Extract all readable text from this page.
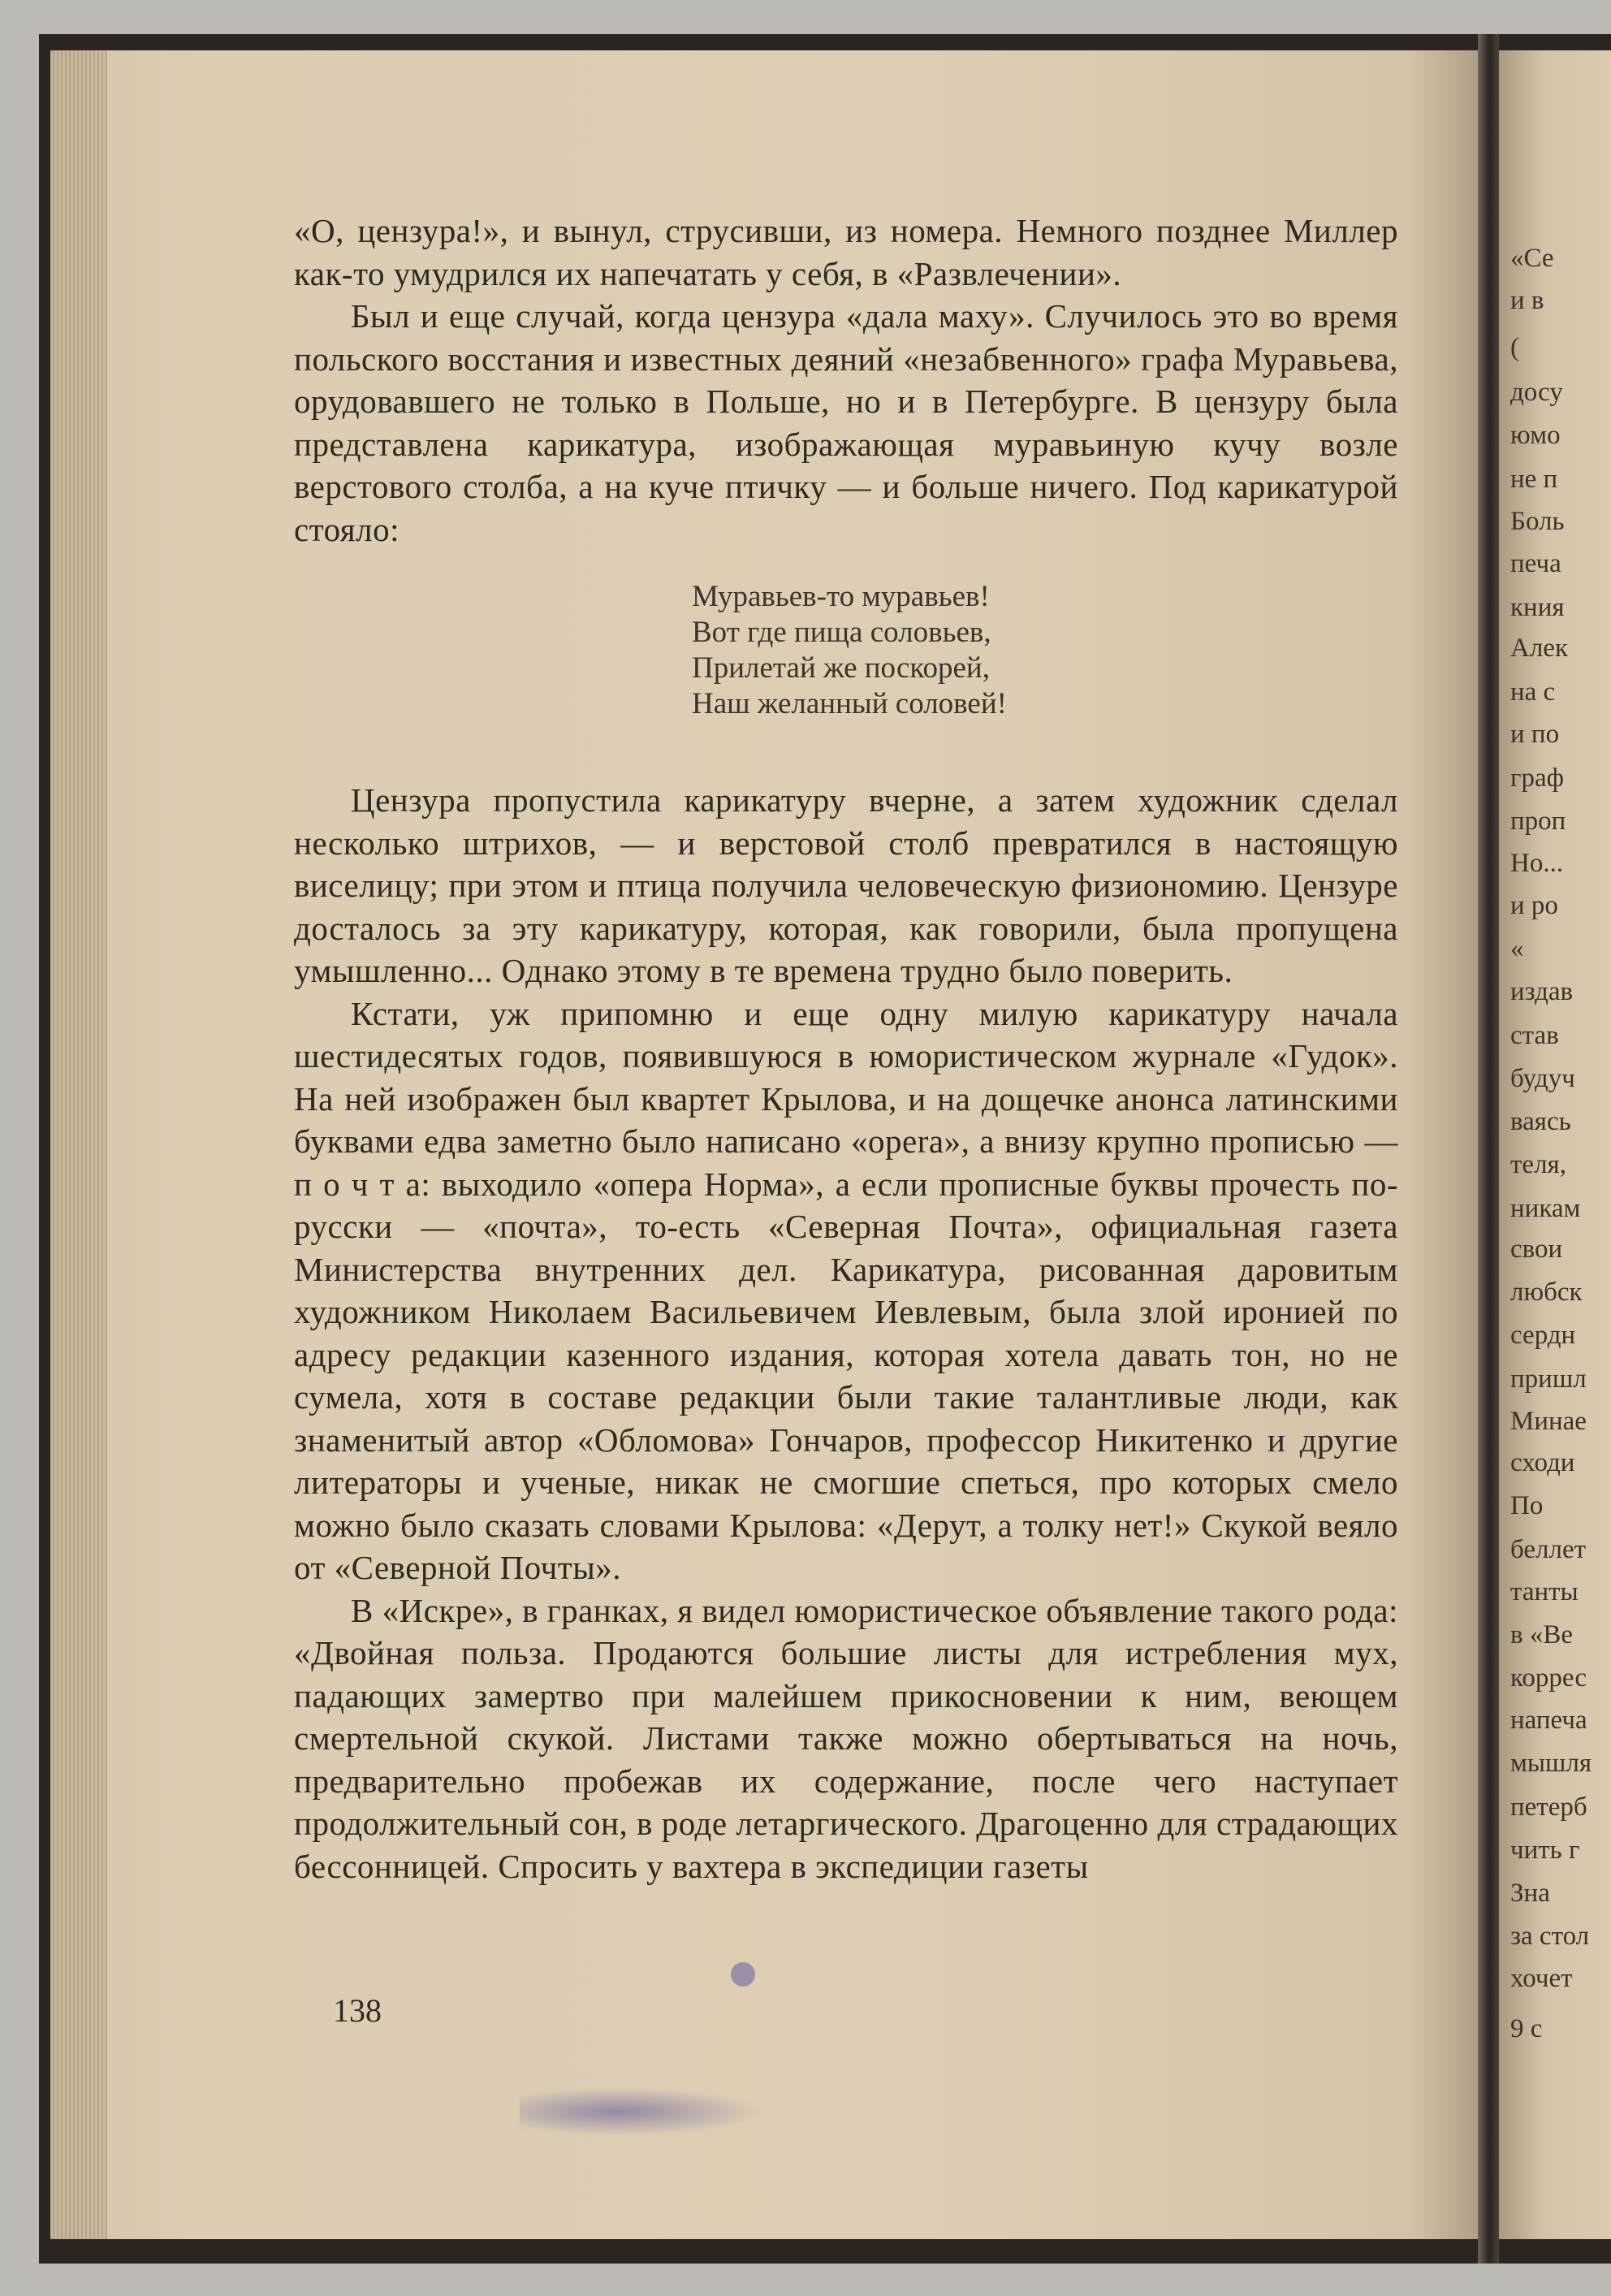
«Се
и в
(
досу
юмо
не п
Боль
печа
кния
Алек
на с
и по
граф
проп
Но...
и ро
«
издав
став
будуч
ваясь
теля,
никам
свои
любск
сердн
пришл
Минае
сходи
По
беллет
танты
в «Ве
коррес
напеча
мышля
петерб
чить г
Зна
за стол
хочет
9 с

«О, цензура!», и вынул, струсивши, из номера. Немного позднее Миллер как-то умудрился их напечатать у себя, в «Развлечении».

Был и еще случай, когда цензура «дала маху». Случилось это во время польского восстания и известных деяний «незабвенного» графа Муравьева, орудовавшего не только в Польше, но и в Петербурге. В цензуру была представлена карикатура, изображающая муравьиную кучу возле верстового столба, а на куче птичку — и больше ничего. Под карикатурой стояло:

Муравьев-то муравьев!
Вот где пища соловьев,
Прилетай же поскорей,
Наш желанный соловей!

Цензура пропустила карикатуру вчерне, а затем художник сделал несколько штрихов, — и верстовой столб превратился в настоящую виселицу; при этом и птица получила человеческую физиономию. Цензуре досталось за эту карикатуру, которая, как говорили, была пропущена умышленно... Однако этому в те времена трудно было поверить.

Кстати, уж припомню и еще одну милую карикатуру начала шестидесятых годов, появившуюся в юмористическом журнале «Гудок». На ней изображен был квартет Крылова, и на дощечке анонса латинскими буквами едва заметно было написано «opera», а внизу крупно прописью — п о ч т а: выходило «опера Норма», а если прописные буквы прочесть по-русски — «почта», то-есть «Северная Почта», официальная газета Министерства внутренних дел. Карикатура, рисованная даровитым художником Николаем Васильевичем Иевлевым, была злой иронией по адресу редакции казенного издания, которая хотела давать тон, но не сумела, хотя в составе редакции были такие талантливые люди, как знаменитый автор «Обломова» Гончаров, профессор Никитенко и другие литераторы и ученые, никак не смогшие спеться, про которых смело можно было сказать словами Крылова: «Дерут, а толку нет!» Скукой веяло от «Северной Почты».

В «Искре», в гранках, я видел юмористическое объявление такого рода: «Двойная польза. Продаются большие листы для истребления мух, падающих замертво при малейшем прикосновении к ним, веющем смертельной скукой. Листами также можно обертываться на ночь, предварительно пробежав их содержание, после чего наступает продолжительный сон, в роде летаргического. Драгоценно для страдающих бессонницей. Спросить у вахтера в экспедиции газеты

138
